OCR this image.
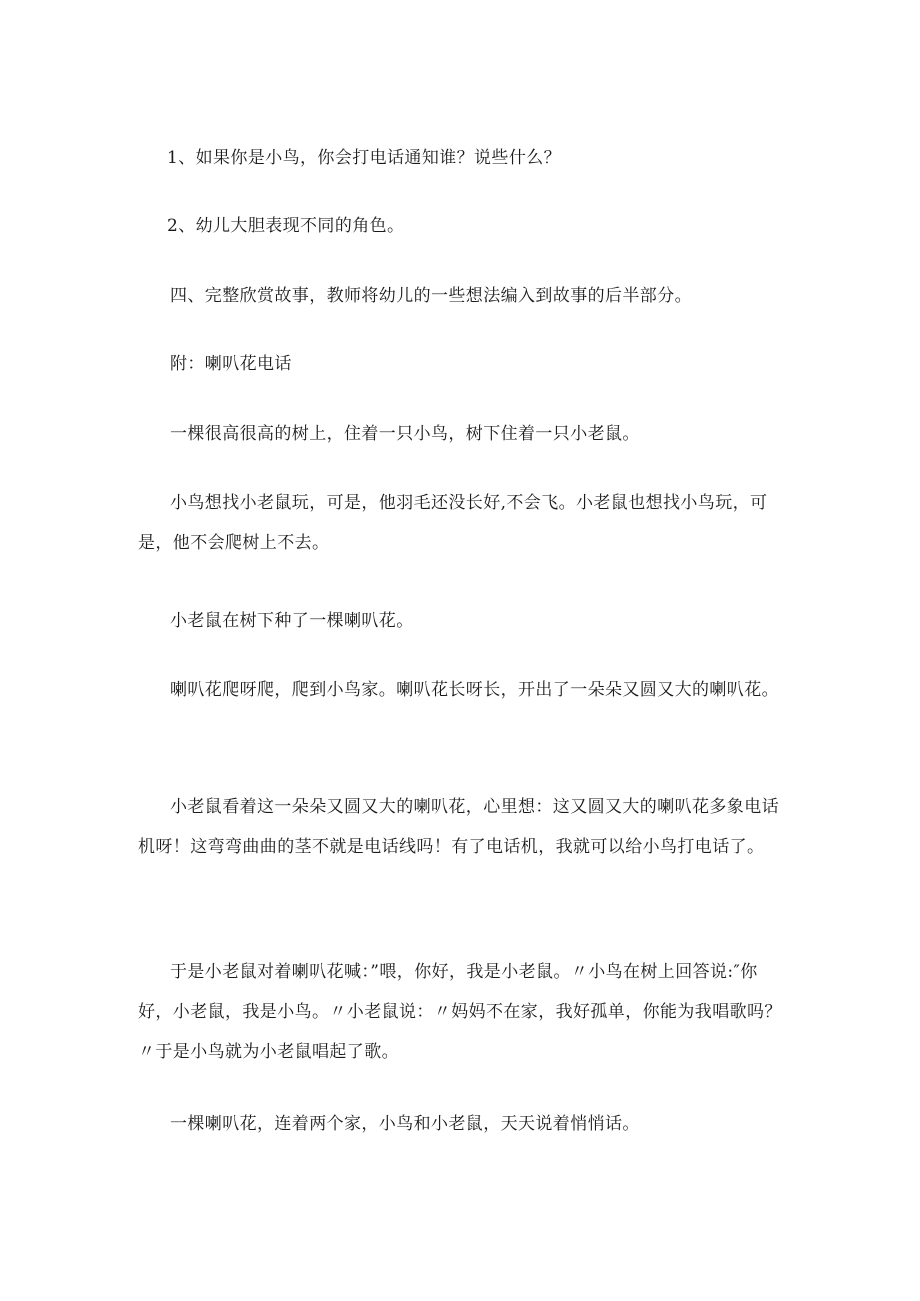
1、如果你是小鸟，你会打电话通知谁？说些什么？

2、幼儿大胆表现不同的角色。

四、完整欣赏故事，教师将幼儿的一些想法编入到故事的后半部分。

附：喇叭花电话

一棵很高很高的树上，住着一只小鸟，树下住着一只小老鼠。

小鸟想找小老鼠玩，可是，他羽毛还没长好,不会飞。小老鼠也想找小鸟玩，可是，他不会爬树上不去。

小老鼠在树下种了一棵喇叭花。

喇叭花爬呀爬，爬到小鸟家。喇叭花长呀长，开出了一朵朵又圆又大的喇叭花。

小老鼠看着这一朵朵又圆又大的喇叭花，心里想：这又圆又大的喇叭花多象电话机呀！这弯弯曲曲的茎不就是电话线吗！有了电话机，我就可以给小鸟打电话了。

于是小老鼠对着喇叭花喊：”喂，你好，我是小老鼠。〃小鸟在树上回答说:″你好，小老鼠，我是小鸟。〃小老鼠说：〃妈妈不在家，我好孤单，你能为我唱歌吗？〃于是小鸟就为小老鼠唱起了歌。

一棵喇叭花，连着两个家，小鸟和小老鼠，天天说着悄悄话。
